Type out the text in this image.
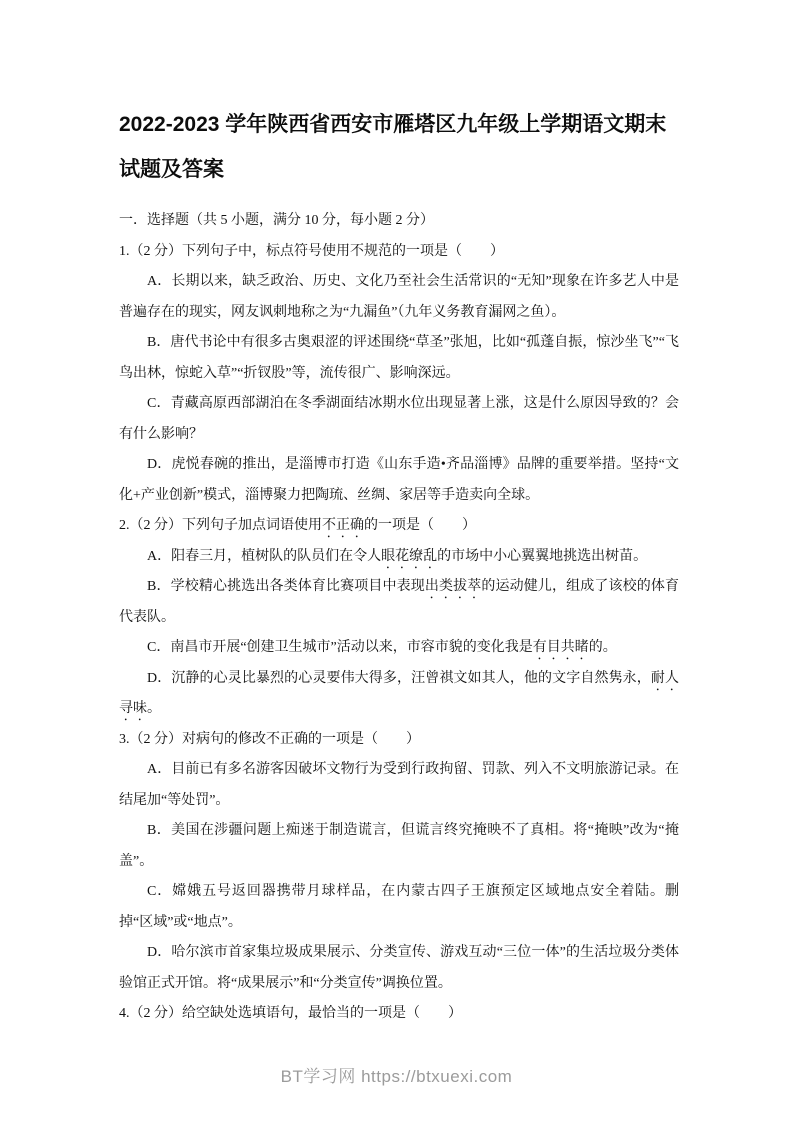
2022-2023 学年陕西省西安市雁塔区九年级上学期语文期末
试题及答案

一．选择题（共 5 小题，满分 10 分，每小题 2 分）

1.（2 分）下列句子中，标点符号使用不规范的一项是（　　）

A．长期以来，缺乏政治、历史、文化乃至社会生活常识的“无知”现象在许多艺人中是普遍存在的现实，网友讽刺地称之为“九漏鱼”（九年义务教育漏网之鱼）。

B．唐代书论中有很多古奥艰涩的评述围绕“草圣”张旭，比如“孤蓬自振，惊沙坐飞”“飞鸟出林，惊蛇入草”“折钗股”等，流传很广、影响深远。

C．青藏高原西部湖泊在冬季湖面结冰期水位出现显著上涨，这是什么原因导致的？会有什么影响？

D．虎悦春碗的推出，是淄博市打造《山东手造•齐品淄博》品牌的重要举措。坚持“文化+产业创新”模式，淄博聚力把陶琉、丝绸、家居等手造卖向全球。

2.（2 分）下列句子加点词语使用不正确的一项是（　　）

A．阳春三月，植树队的队员们在令人眼花缭乱的市场中小心翼翼地挑选出树苗。

B．学校精心挑选出各类体育比赛项目中表现出类拔萃的运动健儿，组成了该校的体育代表队。

C．南昌市开展“创建卫生城市”活动以来，市容市貌的变化我是有目共睹的。

D．沉静的心灵比暴烈的心灵要伟大得多，汪曾祺文如其人，他的文字自然隽永，耐人寻味。

3.（2 分）对病句的修改不正确的一项是（　　）

A．目前已有多名游客因破坏文物行为受到行政拘留、罚款、列入不文明旅游记录。在结尾加“等处罚”。

B．美国在涉疆问题上痴迷于制造谎言，但谎言终究掩映不了真相。将“掩映”改为“掩盖”。

C．嫦娥五号返回器携带月球样品，在内蒙古四子王旗预定区域地点安全着陆。删掉“区域”或“地点”。

D．哈尔滨市首家集垃圾成果展示、分类宣传、游戏互动“三位一体”的生活垃圾分类体验馆正式开馆。将“成果展示”和“分类宣传”调换位置。

4.（2 分）给空缺处选填语句，最恰当的一项是（　　）

BT学习网 https://btxuexi.com
